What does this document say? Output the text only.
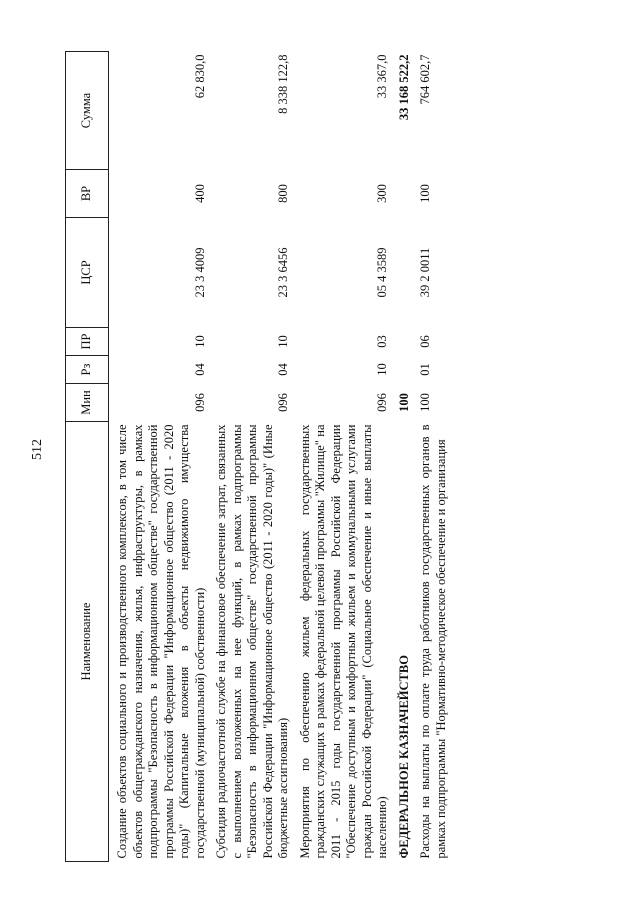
512
Наименование	Мин	Рз	ПР	ЦСР	ВР	Сумма
Создание объектов социального и производственного комплексов, в том числе объектов общегражданского назначения, жилья, инфраструктуры, в рамках подпрограммы "Безопасность в информационном обществе" государственной программы Российской Федерации "Информационное общество (2011 - 2020 годы)" (Капитальные вложения в объекты недвижимого имущества государственной (муниципальной) собственности)	096	04	10	23 3 4009	400	62 830,0
Субсидия радиочастотной службе на финансовое обеспечение затрат, связанных с выполнением возложенных на нее функций, в рамках подпрограммы "Безопасность в информационном обществе" государственной программы Российской Федерации "Информационное общество (2011 - 2020 годы)" (Иные бюджетные ассигнования)	096	04	10	23 3 6456	800	8 338 122,8
Мероприятия по обеспечению жильем федеральных государственных гражданских служащих в рамках федеральной целевой программы "Жилище" на 2011 - 2015 годы государственной программы Российской Федерации "Обеспечение доступным и комфортным жильем и коммунальными услугами граждан Российской Федерации" (Социальное обеспечение и иные выплаты населению)	096	10	03	05 4 3589	300	33 367,0
ФЕДЕРАЛЬНОЕ КАЗНАЧЕЙСТВО	100					33 168 522,2
Расходы на выплаты по оплате труда работников государственных органов в рамках подпрограммы "Нормативно-методическое обеспечение и организация	100	01	06	39 2 0011	100	764 602,7
